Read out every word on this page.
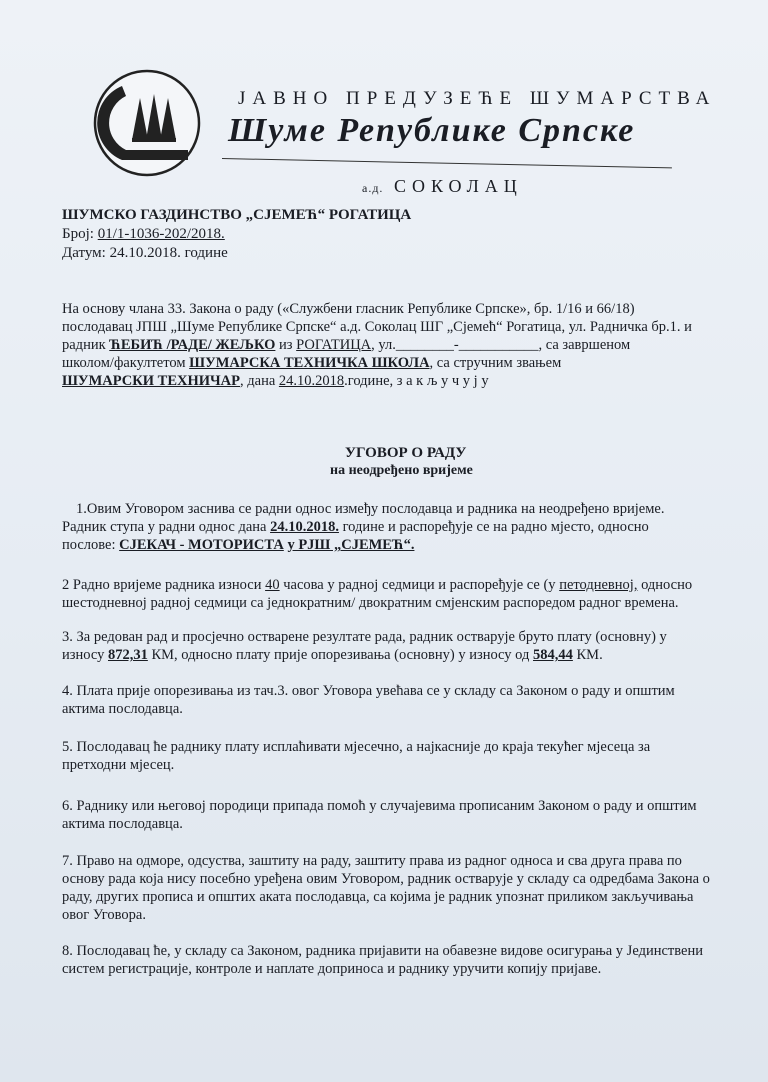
ЈАВНО ПРЕДУЗЕЋЕ ШУМАРСТВА
Шуме Републике Српске
а.д. СОКОЛАЦ
ШУМСКО ГАЗДИНСТВО „СЈЕМЕЋ“ РОГАТИЦА
Број: 01/1-1036-202/2018.
Датум: 24.10.2018. године
На основу члана 33. Закона о раду («Службени гласник Републике Српске», бр. 1/16 и 66/18)
послодавац ЈПШ „Шуме Републике Српске“ а.д. Соколац ШГ „Сјемећ“ Рогатица, ул. Радничка бр.1. и
радник ЋЕБИЋ /РАДЕ/ ЖЕЉКО из РОГАТИЦА, ул.________-___________, са завршеном
школом/факултетом ШУМАРСКА ТЕХНИЧКА ШКОЛА, са стручним звањем
ШУМАРСКИ ТЕХНИЧАР, дана 24.10.2018.године, з а к љ у ч у ј у
УГОВОР О РАДУ
на неодређено вријеме
1.Овим Уговором заснива се радни однос између послодавца и радника на неодређено вријеме.
Радник ступа у радни однос дана 24.10.2018. године и распоређује се на радно мјесто, односно
послове: СЈЕКАЧ - МОТОРИСТА у РЈШ „СЈЕМЕЋ“.
2 Радно вријеме радника износи 40 часова у радној седмици и распоређује се (у петодневној, односно
шестодневној радној седмици са једнократним/ двократним смјенским распоредом радног времена.
3. За редован рад и просјечно остварене резултате рада, радник остварује бруто плату (основну) у
износу 872,31 КМ, односно плату прије опорезивања (основну) у износу од 584,44 КМ.
4. Плата прије опорезивања из тач.3. овог Уговора увећава се у складу са Законом о раду и општим
актима послодавца.
5. Послодавац ће раднику плату исплаћивати мјесечно, а најкасније до краја текућег мјесеца за
претходни мјесец.
6. Раднику или његовој породици припада помоћ у случајевима прописаним Законом о раду и општим
актима послодавца.
7. Право на одморе, одсуства, заштиту на раду, заштиту права из радног односа и сва друга права по
основу рада која нису посебно уређена овим Уговором, радник остварује у складу са одредбама Закона о
раду, других прописа и општих аката послодавца, са којима је радник упознат приликом закључивања
овог Уговора.
8. Послодавац ће, у складу са Законом, радника пријавити на обавезне видове осигурања у Јединствени
систем регистрације, контроле и наплате доприноса и раднику уручити копију пријаве.
